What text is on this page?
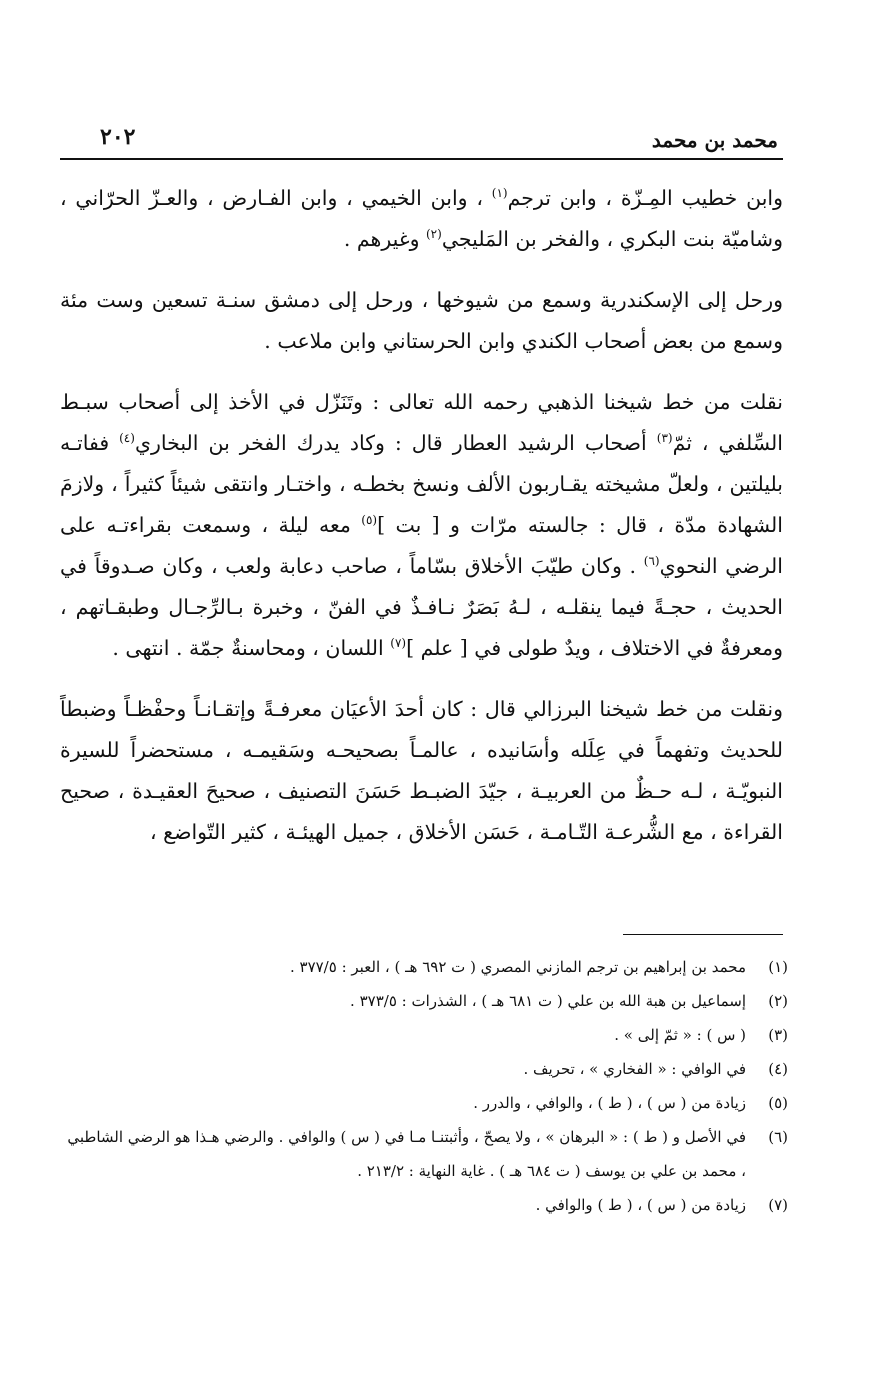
محمد بن محمد
٢٠٢

وابن خطيب المِـزّة ، وابن ترجم$^{(١)}$ ، وابن الخيمي ، وابن الفـارض ، والعـزّ الحرّاني ، وشاميّة بنت البكري ، والفخر بن المَليجي$^{(٢)}$ وغيرهم .

ورحل إلى الإسكندرية وسمع من شيوخها ، ورحل إلى دمشق سنـة تسعين وست مئة وسمع من بعض أصحاب الكندي وابن الحرستاني وابن ملاعب .

نقلت من خط شيخنا الذهبي رحمه الله تعالى : وتَنَزّل في الأخذ إلى أصحاب سبـط السِّلفي ، ثمّ$^{(٣)}$ أصحاب الرشيد العطار قال : وكاد يدرك الفخر بن البخاري$^{(٤)}$ ففاتـه بليلتين ، ولعلّ مشيخته يقـاربون الألف ونسخ بخطـه ، واختـار وانتقى شيئاً كثيراً ، ولازمَ الشهادة مدّة ، قال : جالسته مرّات و [ بت ]$^{(٥)}$ معه ليلة ، وسمعت بقراءتـه على الرضي النحوي$^{(٦)}$ . وكان طيّبَ الأخلاق بسّاماً ، صاحب دعابة ولعب ، وكان صـدوقاً في الحديث ، حجـةً فيما ينقلـه ، لـهُ بَصَرٌ نـافـذٌ في الفنّ ، وخبرة بـالرِّجـال وطبقـاتهم ، ومعرفةٌ في الاختلاف ، ويدٌ طولى في [ علم ]$^{(٧)}$ اللسان ، ومحاسنةٌ جمّة . انتهى .

ونقلت من خط شيخنا البرزالي قال : كان أحدَ الأعيَان معرفـةً وإتقـانـاً وحفْظـاً وضبطاً للحديث وتفهماً في عِلَله وأسَانيده ، عالمـاً بصحيحـه وسَقيمـه ، مستحضراً للسيرة النبويّـة ، لـه حـظٌ من العربيـة ، جيّدَ الضبـط حَسَنَ التصنيف ، صحيحَ العقيـدة ، صحيح القراءة ، مع الشُّرعـة التّـامـة ، حَسَن الأخلاق ، جميل الهيئـة ، كثير التّواضع ،

(١)
محمد بن إبراهيم بن ترجم المازني المصري ( ت ٦٩٢ هـ ) ، العبر : ٣٧٧/٥ .
(٢)
إسماعيل بن هبة الله بن علي ( ت ٦٨١ هـ ) ، الشذرات : ٣٧٣/٥ .
(٣)
( س ) : « ثمّ إلى » .
(٤)
في الوافي : « الفخاري » ، تحريف .
(٥)
زيادة من ( س ) ، ( ط ) ، والوافي ، والدرر .
(٦)
في الأصل و ( ط ) : « البرهان » ، ولا يصحّ ، وأثبتنـا مـا في ( س ) والوافي . والرضي هـذا هو الرضي الشاطبي ، محمد بن علي بن يوسف ( ت ٦٨٤ هـ ) . غاية النهاية : ٢١٣/٢ .
(٧)
زيادة من ( س ) ، ( ط ) والوافي .
